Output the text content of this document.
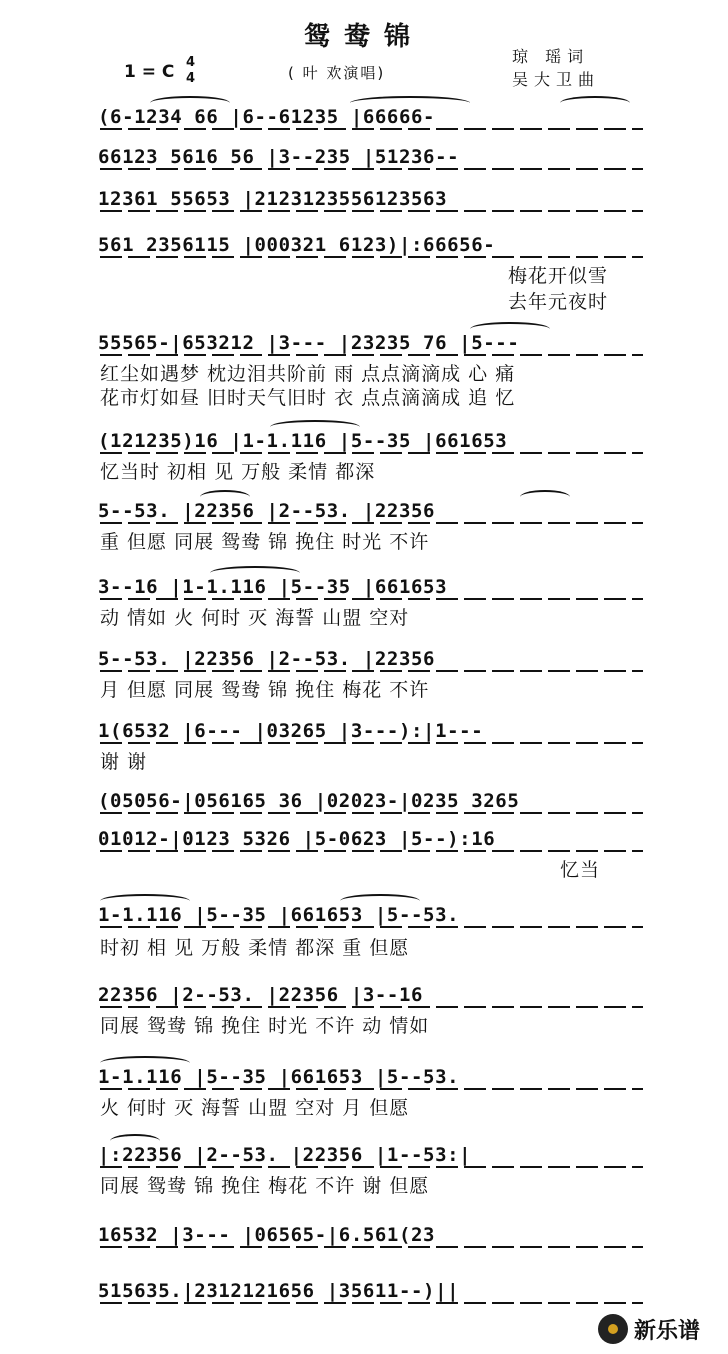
鸳鸯锦
1 = C 4
4	( 叶 欢演唱)
琼 瑶词
吴大卫曲
(6-1234 66 |6--61235 |66666-
66123 5616 56 |3--235 |51236--
12361 55653 |2123123556123563
561 2356115 |000321 6123)|:66656-
梅花开似雪
去年元夜时
55565-|653212 |3--- |23235 76 |5---
红尘如遇梦 枕边泪共阶前 雨 点点滴滴成 心 痛
花市灯如昼 旧时天气旧时 衣 点点滴滴成 追 忆
(121235)16 |1-1.116 |5--35 |661653
忆当时 初相 见 万般 柔情 都深
5--53. |22356 |2--53. |22356
重 但愿 同展 鸳鸯 锦 挽住 时光 不许
3--16 |1-1.116 |5--35 |661653
动 情如 火 何时 灭 海誓 山盟 空对
5--53. |22356 |2--53. |22356
月 但愿 同展 鸳鸯 锦 挽住 梅花 不许
1(6532 |6--- |03265 |3---):|1---
谢 谢
(05056-|056165 36 |02023-|0235 3265
01012-|0123 5326 |5-0623 |5--):16
忆当
1-1.116 |5--35 |661653 |5--53.
时初 相 见 万般 柔情 都深 重 但愿
22356 |2--53. |22356 |3--16
同展 鸳鸯 锦 挽住 时光 不许 动 情如
1-1.116 |5--35 |661653 |5--53.
火 何时 灭 海誓 山盟 空对 月 但愿
|:22356 |2--53. |22356 |1--53:|
同展 鸳鸯 锦 挽住 梅花 不许 谢 但愿
16532 |3--- |06565-|6.561(23
515635.|2312121656 |35611--)||
新乐谱
